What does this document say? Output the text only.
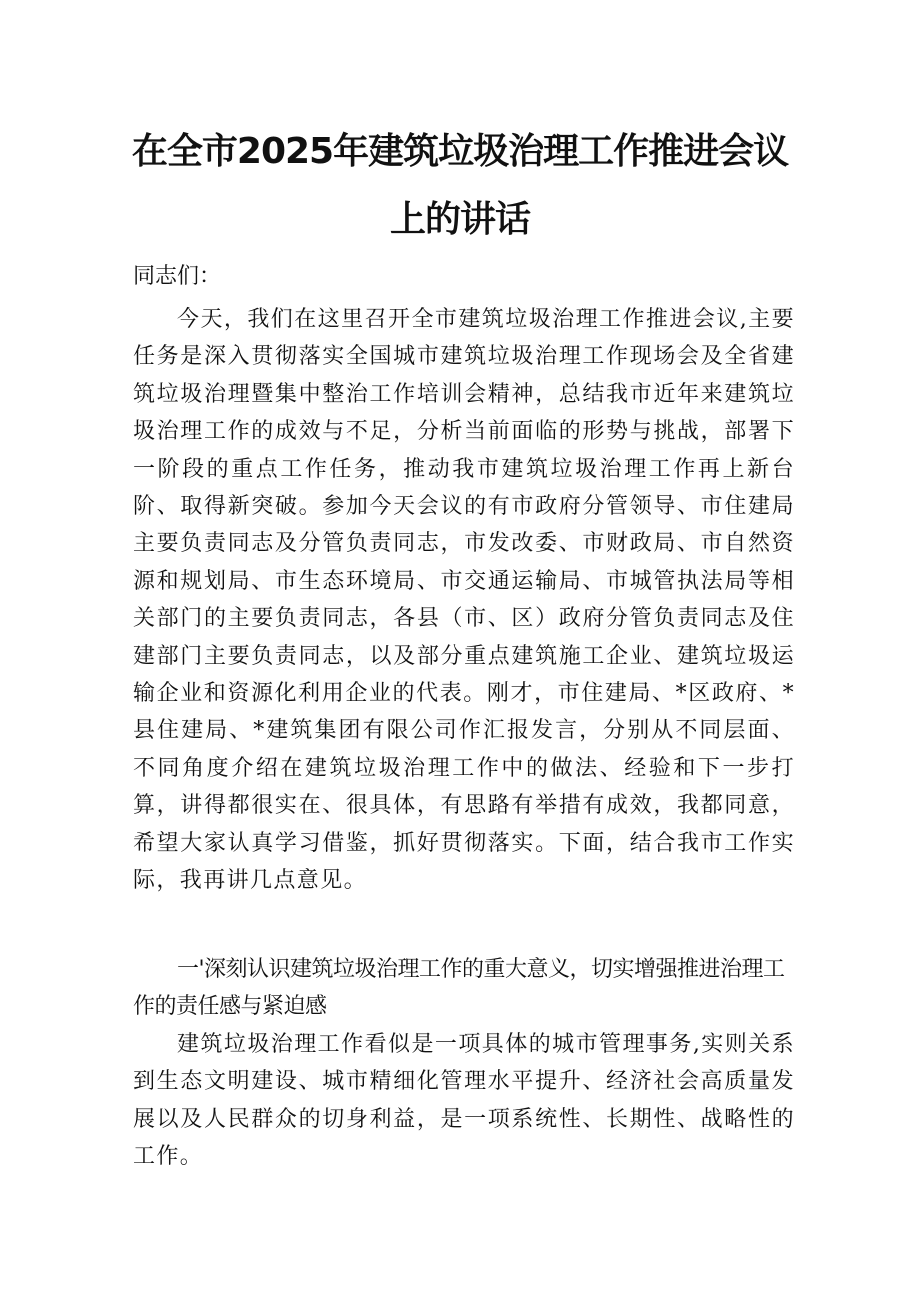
在全市2025年建筑垃圾治理工作推进会议
上的讲话

同志们：

今天，我们在这里召开全市建筑垃圾治理工作推进会议,主要任务是深入贯彻落实全国城市建筑垃圾治理工作现场会及全省建筑垃圾治理暨集中整治工作培训会精神，总结我市近年来建筑垃圾治理工作的成效与不足，分析当前面临的形势与挑战，部署下一阶段的重点工作任务，推动我市建筑垃圾治理工作再上新台阶、取得新突破。参加今天会议的有市政府分管领导、市住建局主要负责同志及分管负责同志，市发改委、市财政局、市自然资源和规划局、市生态环境局、市交通运输局、市城管执法局等相关部门的主要负责同志，各县（市、区）政府分管负责同志及住建部门主要负责同志，以及部分重点建筑施工企业、建筑垃圾运输企业和资源化利用企业的代表。刚才，市住建局、*区政府、*县住建局、*建筑集团有限公司作汇报发言，分别从不同层面、不同角度介绍在建筑垃圾治理工作中的做法、经验和下一步打算，讲得都很实在、很具体，有思路有举措有成效，我都同意，希望大家认真学习借鉴，抓好贯彻落实。下面，结合我市工作实际，我再讲几点意见。

一'深刻认识建筑垃圾治理工作的重大意义，切实增强推进治理工作的责任感与紧迫感

建筑垃圾治理工作看似是一项具体的城市管理事务,实则关系到生态文明建设、城市精细化管理水平提升、经济社会高质量发展以及人民群众的切身利益，是一项系统性、长期性、战略性的工作。
